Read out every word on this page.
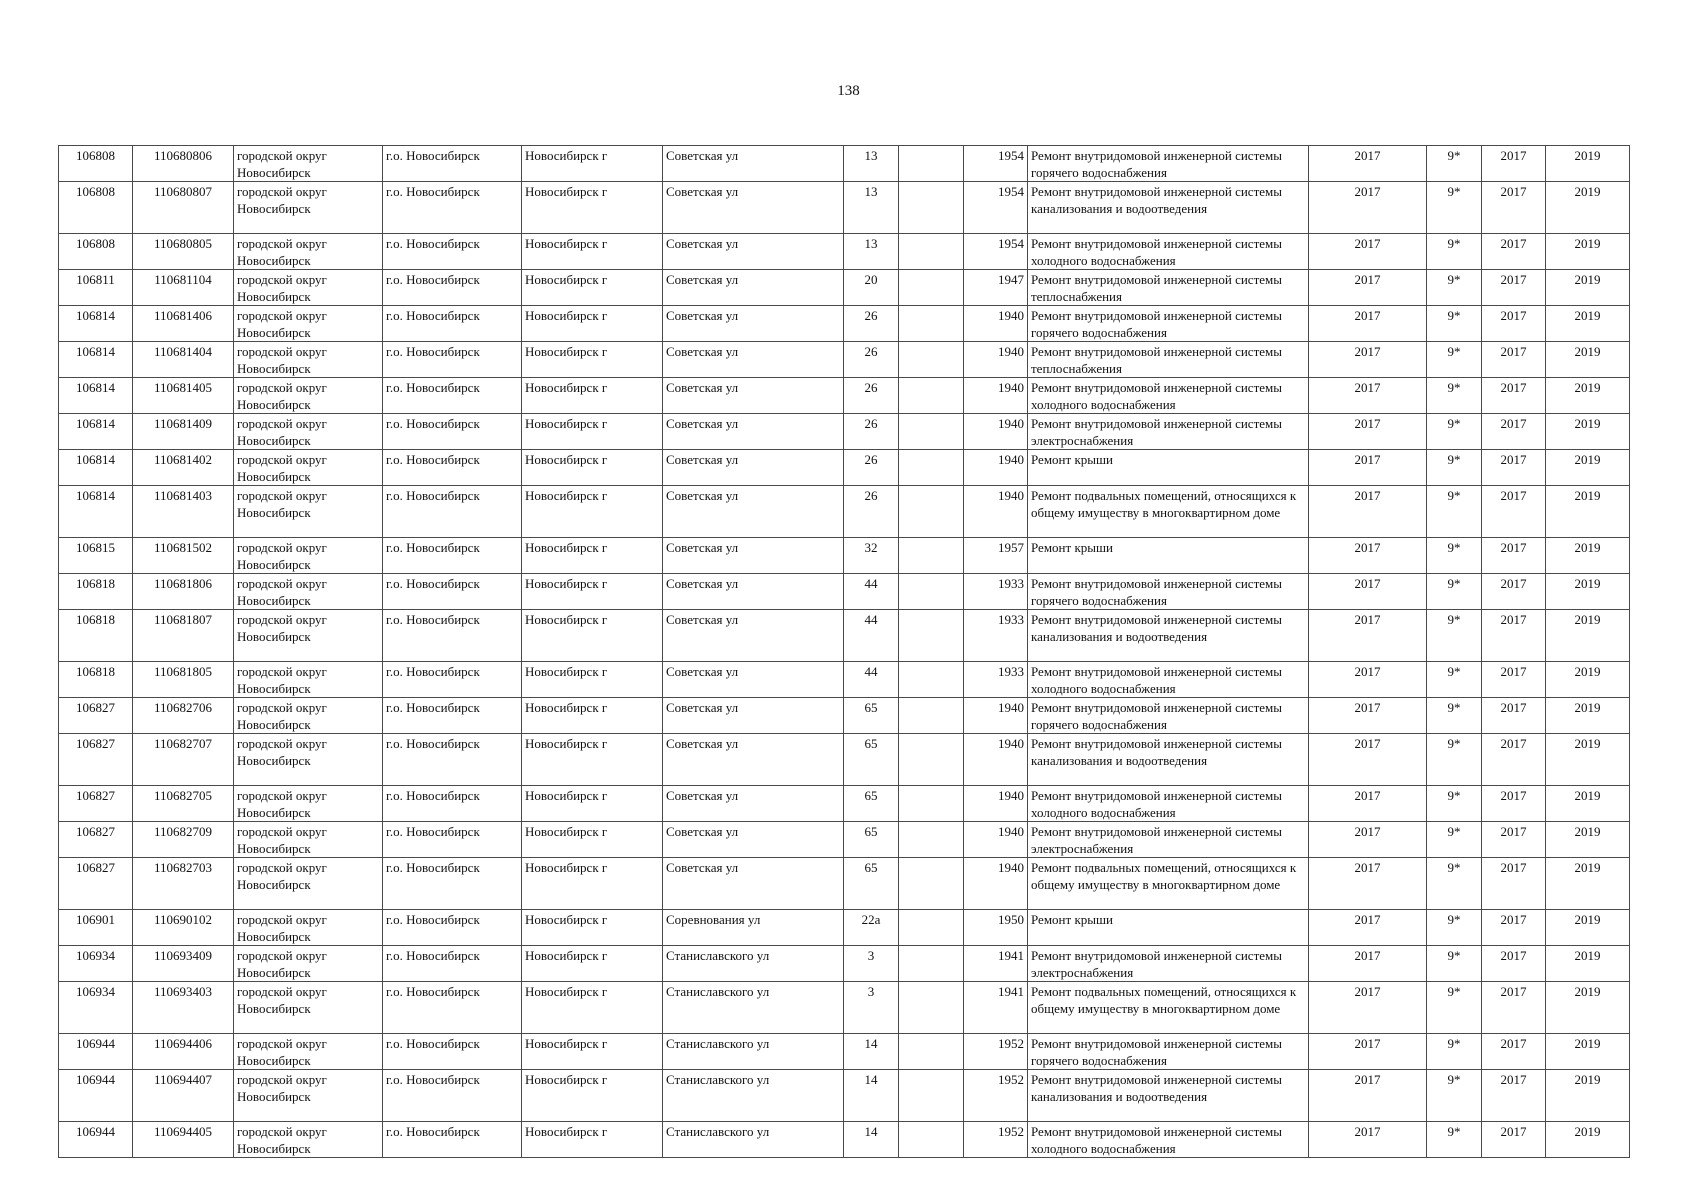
138
106808	110680806	городской округ Новосибирск	г.о. Новосибирск	Новосибирск г	Советская ул	13		1954	Ремонт внутридомовой инженерной системы горячего водоснабжения	2017	9*	2017	2019
106808	110680807	городской округ Новосибирск	г.о. Новосибирск	Новосибирск г	Советская ул	13		1954	Ремонт внутридомовой инженерной системы канализования и водоотведения	2017	9*	2017	2019
106808	110680805	городской округ Новосибирск	г.о. Новосибирск	Новосибирск г	Советская ул	13		1954	Ремонт внутридомовой инженерной системы холодного водоснабжения	2017	9*	2017	2019
106811	110681104	городской округ Новосибирск	г.о. Новосибирск	Новосибирск г	Советская ул	20		1947	Ремонт внутридомовой инженерной системы теплоснабжения	2017	9*	2017	2019
106814	110681406	городской округ Новосибирск	г.о. Новосибирск	Новосибирск г	Советская ул	26		1940	Ремонт внутридомовой инженерной системы горячего водоснабжения	2017	9*	2017	2019
106814	110681404	городской округ Новосибирск	г.о. Новосибирск	Новосибирск г	Советская ул	26		1940	Ремонт внутридомовой инженерной системы теплоснабжения	2017	9*	2017	2019
106814	110681405	городской округ Новосибирск	г.о. Новосибирск	Новосибирск г	Советская ул	26		1940	Ремонт внутридомовой инженерной системы холодного водоснабжения	2017	9*	2017	2019
106814	110681409	городской округ Новосибирск	г.о. Новосибирск	Новосибирск г	Советская ул	26		1940	Ремонт внутридомовой инженерной системы электроснабжения	2017	9*	2017	2019
106814	110681402	городской округ Новосибирск	г.о. Новосибирск	Новосибирск г	Советская ул	26		1940	Ремонт крыши	2017	9*	2017	2019
106814	110681403	городской округ Новосибирск	г.о. Новосибирск	Новосибирск г	Советская ул	26		1940	Ремонт подвальных помещений, относящихся к общему имуществу в многоквартирном доме	2017	9*	2017	2019
106815	110681502	городской округ Новосибирск	г.о. Новосибирск	Новосибирск г	Советская ул	32		1957	Ремонт крыши	2017	9*	2017	2019
106818	110681806	городской округ Новосибирск	г.о. Новосибирск	Новосибирск г	Советская ул	44		1933	Ремонт внутридомовой инженерной системы горячего водоснабжения	2017	9*	2017	2019
106818	110681807	городской округ Новосибирск	г.о. Новосибирск	Новосибирск г	Советская ул	44		1933	Ремонт внутридомовой инженерной системы канализования и водоотведения	2017	9*	2017	2019
106818	110681805	городской округ Новосибирск	г.о. Новосибирск	Новосибирск г	Советская ул	44		1933	Ремонт внутридомовой инженерной системы холодного водоснабжения	2017	9*	2017	2019
106827	110682706	городской округ Новосибирск	г.о. Новосибирск	Новосибирск г	Советская ул	65		1940	Ремонт внутридомовой инженерной системы горячего водоснабжения	2017	9*	2017	2019
106827	110682707	городской округ Новосибирск	г.о. Новосибирск	Новосибирск г	Советская ул	65		1940	Ремонт внутридомовой инженерной системы канализования и водоотведения	2017	9*	2017	2019
106827	110682705	городской округ Новосибирск	г.о. Новосибирск	Новосибирск г	Советская ул	65		1940	Ремонт внутридомовой инженерной системы холодного водоснабжения	2017	9*	2017	2019
106827	110682709	городской округ Новосибирск	г.о. Новосибирск	Новосибирск г	Советская ул	65		1940	Ремонт внутридомовой инженерной системы электроснабжения	2017	9*	2017	2019
106827	110682703	городской округ Новосибирск	г.о. Новосибирск	Новосибирск г	Советская ул	65		1940	Ремонт подвальных помещений, относящихся к общему имуществу в многоквартирном доме	2017	9*	2017	2019
106901	110690102	городской округ Новосибирск	г.о. Новосибирск	Новосибирск г	Соревнования ул	22а		1950	Ремонт крыши	2017	9*	2017	2019
106934	110693409	городской округ Новосибирск	г.о. Новосибирск	Новосибирск г	Станиславского ул	3		1941	Ремонт внутридомовой инженерной системы электроснабжения	2017	9*	2017	2019
106934	110693403	городской округ Новосибирск	г.о. Новосибирск	Новосибирск г	Станиславского ул	3		1941	Ремонт подвальных помещений, относящихся к общему имуществу в многоквартирном доме	2017	9*	2017	2019
106944	110694406	городской округ Новосибирск	г.о. Новосибирск	Новосибирск г	Станиславского ул	14		1952	Ремонт внутридомовой инженерной системы горячего водоснабжения	2017	9*	2017	2019
106944	110694407	городской округ Новосибирск	г.о. Новосибирск	Новосибирск г	Станиславского ул	14		1952	Ремонт внутридомовой инженерной системы канализования и водоотведения	2017	9*	2017	2019
106944	110694405	городской округ Новосибирск	г.о. Новосибирск	Новосибирск г	Станиславского ул	14		1952	Ремонт внутридомовой инженерной системы холодного водоснабжения	2017	9*	2017	2019
